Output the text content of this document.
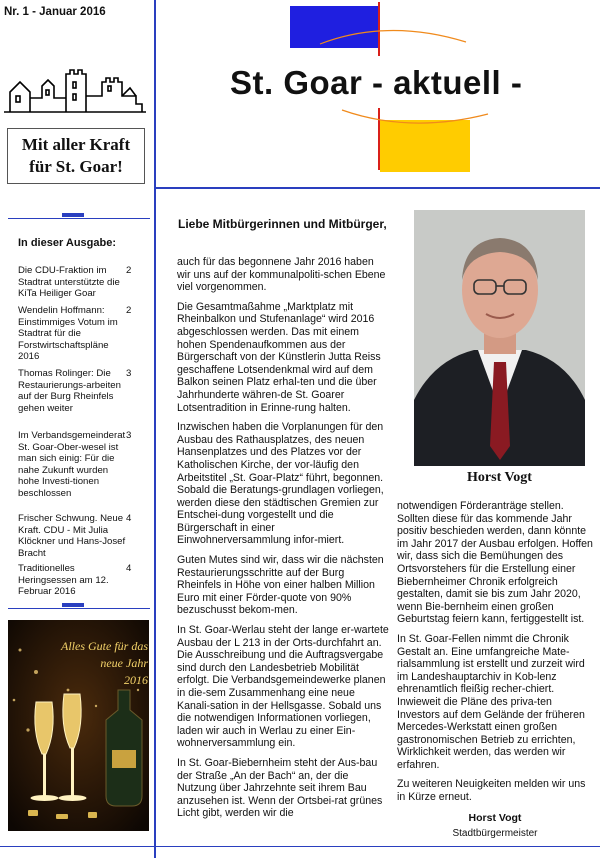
Nr. 1 - Januar 2016
St. Goar - aktuell -
Mit aller Kraft
für St. Goar!
In dieser Ausgabe:
Die CDU-Fraktion im Stadtrat unterstützte die KiTa Heiliger Goar
2
Wendelin Hoffmann: Einstimmiges Votum im Stadtrat für die Forstwirtschaftspläne 2016
2
Thomas Rolinger: Die Restaurierungs-arbeiten auf der Burg Rheinfels gehen weiter
3
Im Verbandsgemeinderat St. Goar-Ober-wesel ist man sich einig: Für die nahe Zukunft wurden hohe Investi-tionen beschlossen
3
Frischer Schwung. Neue Kraft. CDU - Mit Julia Klöckner und Hans-Josef Bracht
4
Traditionelles Heringsessen am 12. Februar 2016
4
Alles Gute für das
neue Jahr
2016
Liebe Mitbürgerinnen und Mitbürger,

auch für das begonnene Jahr 2016 haben wir uns auf der kommunalpoliti-schen Ebene viel vorgenommen.

Die Gesamtmaßahme „Marktplatz mit Rheinbalkon und Stufenanlage“ wird 2016 abgeschlossen werden. Das mit einem hohen Spendenaufkommen aus der Bürgerschaft von der Künstlerin Jutta Reiss geschaffene Lotsendenkmal wird auf dem Balkon seinen Platz erhal-ten und die über Jahrhunderte währen-de St. Goarer Lotsentradition in Erinne-rung halten.

Inzwischen haben die Vorplanungen für den Ausbau des Rathausplatzes, des neuen Hansenplatzes und des Platzes vor der Katholischen Kirche, der vor-läufig den Arbeitstitel „St. Goar-Platz“ führt, begonnen. Sobald die Beratungs-grundlagen vorliegen, werden diese den städtischen Gremien zur Entschei-dung vorgestellt und die Bürgerschaft in einer Einwohnerversammlung infor-miert.

Guten Mutes sind wir, dass wir die nächsten Restaurierungsschritte auf der Burg Rheinfels in Höhe von einer halben Million Euro mit einer Förder-quote von 90% bezuschusst bekom-men.

In St. Goar-Werlau steht der lange er-wartete Ausbau der L 213 in der Orts-durchfahrt an. Die Ausschreibung und die Auftragsvergabe sind durch den Landesbetrieb Mobilität erfolgt. Die Verbandsgemeindewerke planen in die-sem Zusammenhang eine neue Kanali-sation in der Hellsgasse. Sobald uns die notwendigen Informationen vorliegen, laden wir auch in Werlau zu einer Ein-wohnerversammlung ein.

In St. Goar-Biebernheim steht der Aus-bau der Straße „An der Bach“ an, der die Nutzung über Jahrzehnte seit ihrem Bau anzusehen ist. Wenn der Ortsbei-rat grünes Licht gibt, werden wir die

Horst Vogt

notwendigen Förderanträge stellen. Sollten diese für das kommende Jahr positiv beschieden werden, dann könnte im Jahr 2017 der Ausbau erfolgen. Hoffen wir, dass sich die Bemühungen des Ortsvorstehers für die Erstellung einer Biebernheimer Chronik erfolgreich gestalten, damit sie bis zum Jahr 2020, wenn Bie-bernheim einen großen Geburtstag feiern kann, fertiggestellt ist.

In St. Goar-Fellen nimmt die Chronik Gestalt an. Eine umfangreiche Mate-rialsammlung ist erstellt und zurzeit wird im Landeshauptarchiv in Kob-lenz ehrenamtlich fleißig recher-chiert. Inwieweit die Pläne des priva-ten Investors auf dem Gelände der früheren Mercedes-Werkstatt einen großen gastronomischen Betrieb zu errichten, Wirklichkeit werden, das werden wir erfahren.

Zu weiteren Neuigkeiten melden wir uns in Kürze erneut.

Horst Vogt
Stadtbürgermeister
